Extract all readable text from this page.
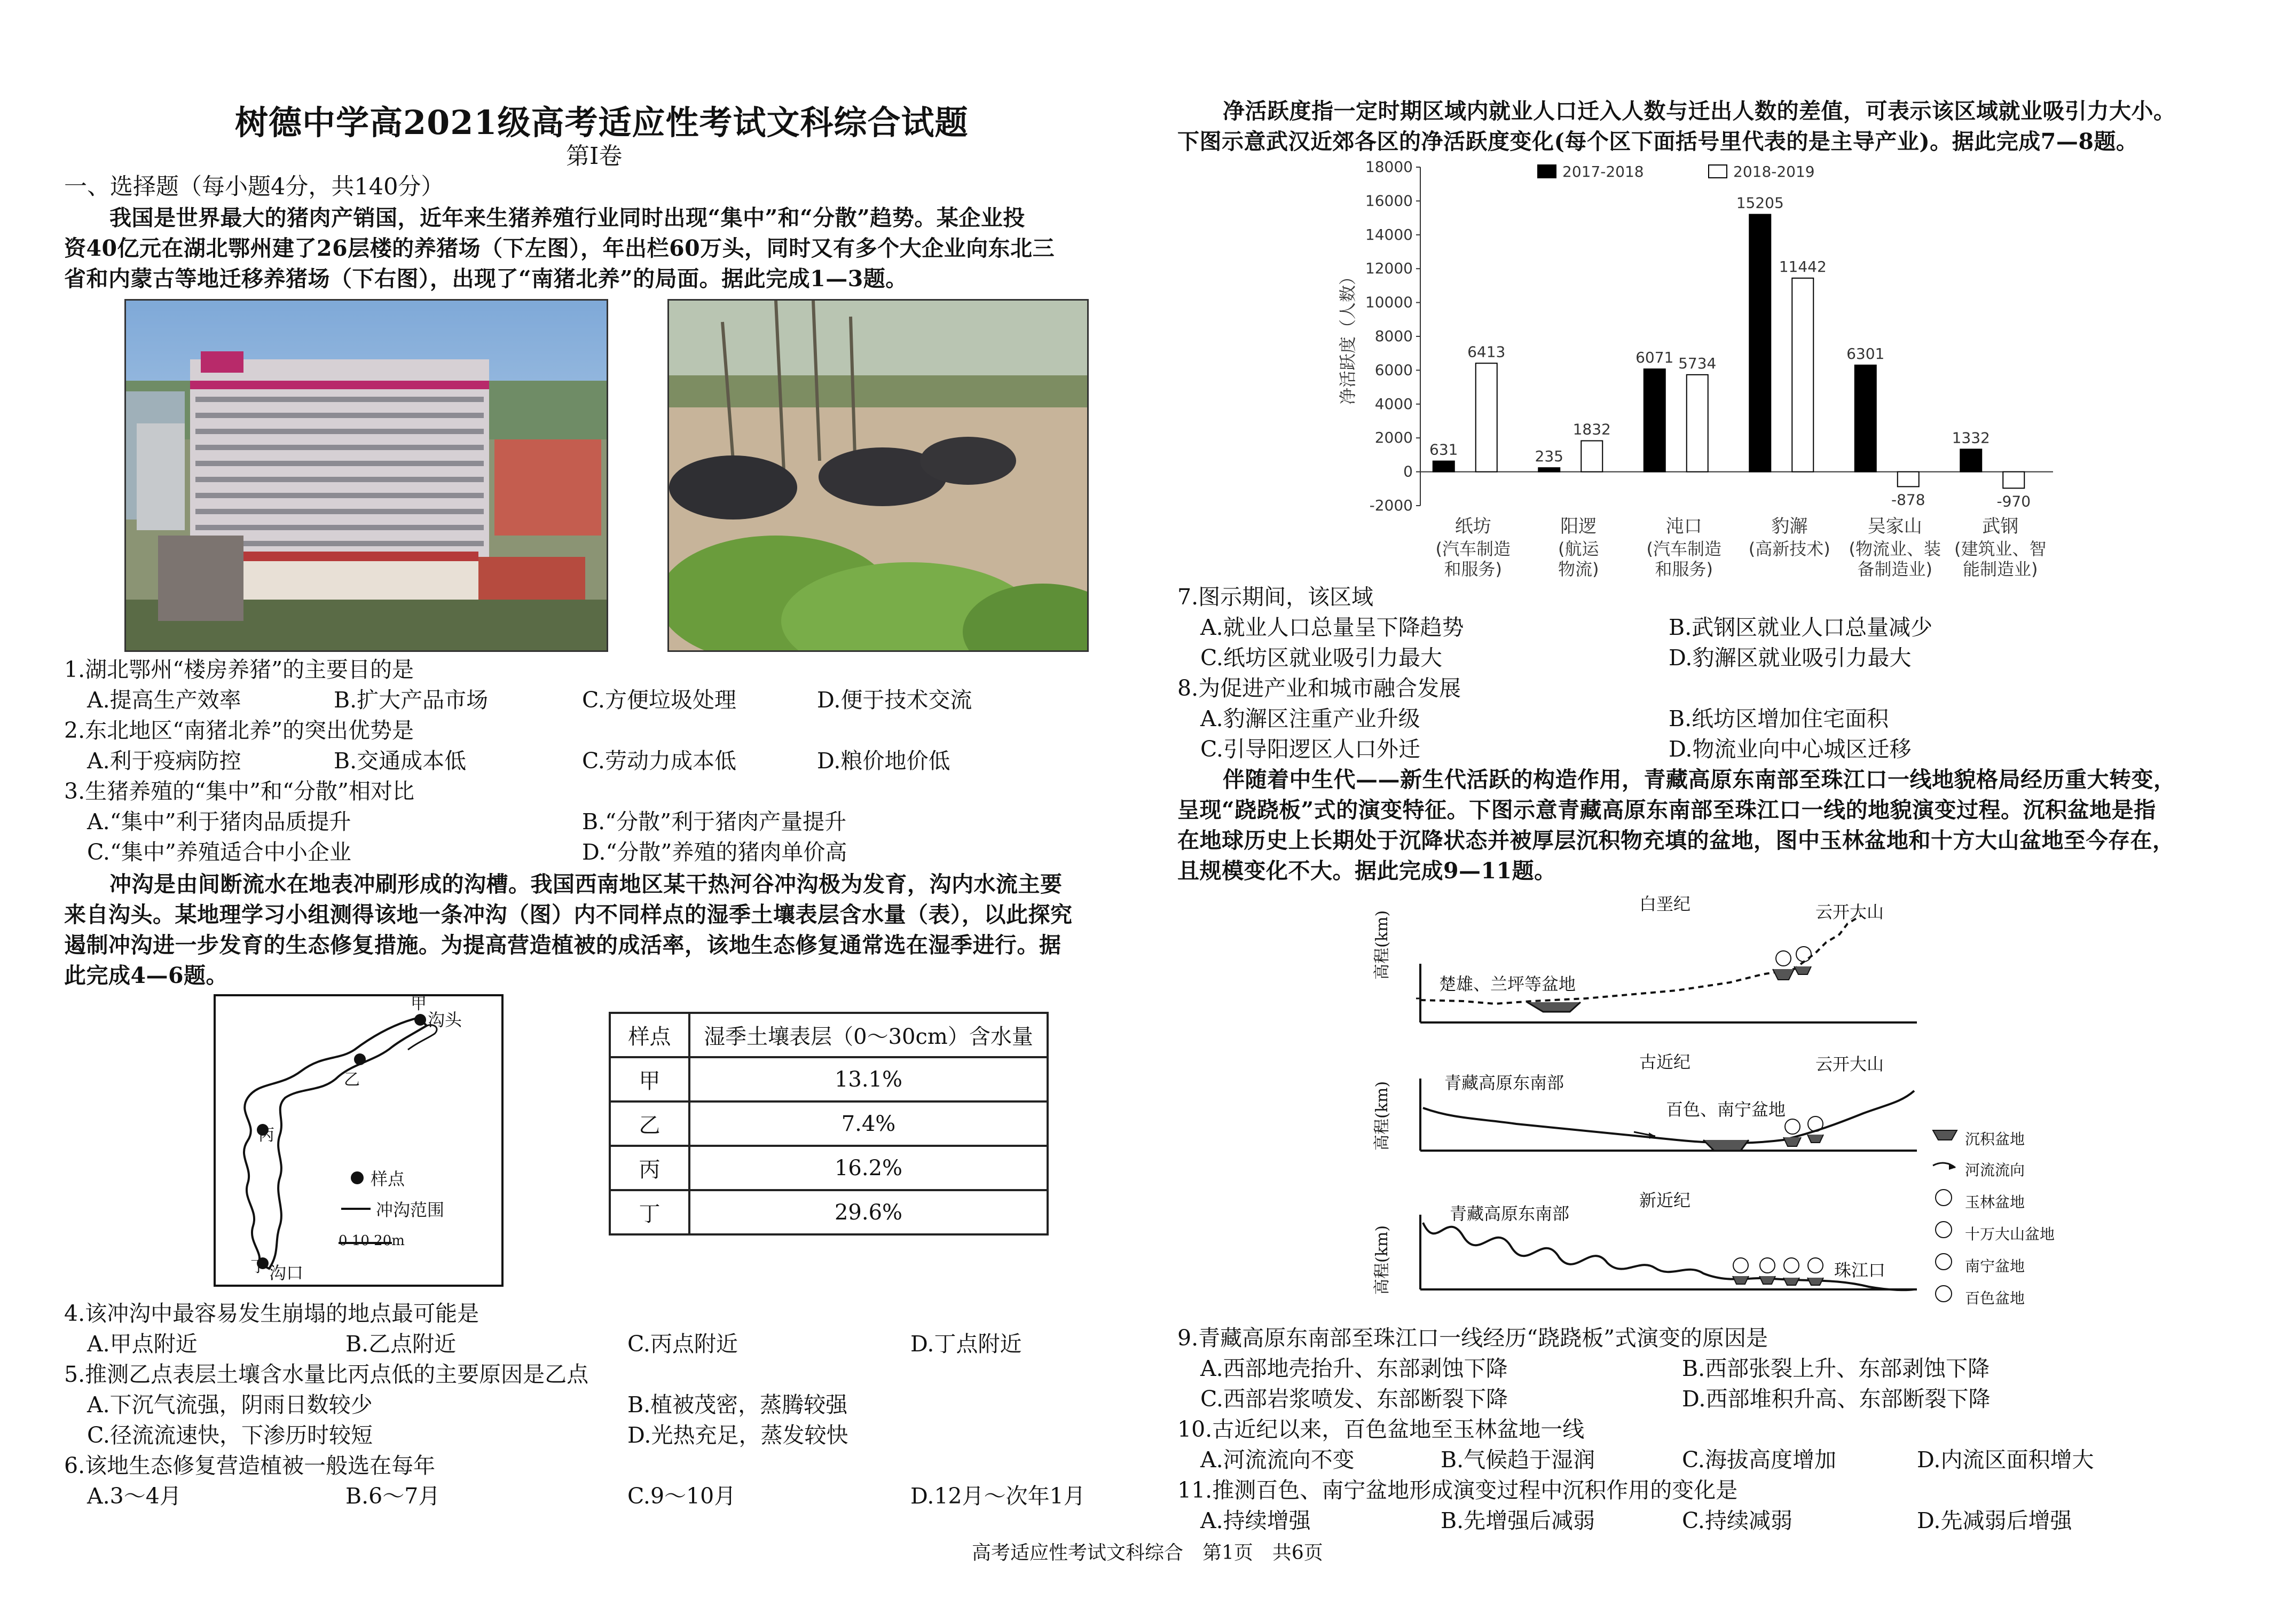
树德中学高2021级高考适应性考试文科综合试题
第Ⅰ卷
一、选择题（每小题4分，共140分）
我国是世界最大的猪肉产销国，近年来生猪养殖行业同时出现“集中”和“分散”趋势。某企业投
资40亿元在湖北鄂州建了26层楼的养猪场（下左图），年出栏60万头，同时又有多个大企业向东北三
省和内蒙古等地迁移养猪场（下右图），出现了“南猪北养”的局面。据此完成1—3题。
1.湖北鄂州“楼房养猪”的主要目的是
A.提高生产效率	B.扩大产品市场	C.方便垃圾处理	D.便于技术交流
2.东北地区“南猪北养”的突出优势是
A.利于疫病防控	B.交通成本低	C.劳动力成本低	D.粮价地价低
3.生猪养殖的“集中”和“分散”相对比
A.“集中”利于猪肉品质提升	B.“分散”利于猪肉产量提升
C.“集中”养殖适合中小企业	D.“分散”养殖的猪肉单价高
冲沟是由间断流水在地表冲刷形成的沟槽。我国西南地区某干热河谷冲沟极为发育，沟内水流主要
来自沟头。某地理学习小组测得该地一条冲沟（图）内不同样点的湿季土壤表层含水量（表），以此探究
遏制冲沟进一步发育的生态修复措施。为提高营造植被的成活率，该地生态修复通常选在湿季进行。据
此完成4—6题。
甲
沟头
乙
丙
样点
冲沟范围
0 10 20m
丁 沟口
样点	湿季土壤表层（0～30cm）含水量
甲	13.1%
乙	7.4%
丙	16.2%
丁	29.6%
4.该冲沟中最容易发生崩塌的地点最可能是
A.甲点附近	B.乙点附近	C.丙点附近	D.丁点附近
5.推测乙点表层土壤含水量比丙点低的主要原因是乙点
A.下沉气流强，阴雨日数较少	B.植被茂密，蒸腾较强
C.径流流速快，下渗历时较短	D.光热充足，蒸发较快
6.该地生态修复营造植被一般选在每年
A.3～4月	B.6～7月	C.9～10月	D.12月～次年1月
净活跃度指一定时期区域内就业人口迁入人数与迁出人数的差值，可表示该区域就业吸引力大小。
下图示意武汉近郊各区的净活跃度变化(每个区下面括号里代表的是主导产业)。据此完成7—8题。
18000
16000
14000
12000
10000
8000
6000
4000
2000
0
-2000
净活跃度（人数）
2017-2018	2018-2019
631
6413
纸坊
(汽车制造
和服务)
235
1832
阳逻
(航运
物流)
6071 5734
沌口
(汽车制造
和服务)
15205
11442
豹澥
(高新技术)
6301
-878
吴家山
(物流业、装
备制造业)
1332
-970
武钢
(建筑业、智
能制造业)
7.图示期间，该区域
A.就业人口总量呈下降趋势	B.武钢区就业人口总量减少
C.纸坊区就业吸引力最大	D.豹澥区就业吸引力最大
8.为促进产业和城市融合发展
A.豹澥区注重产业升级	B.纸坊区增加住宅面积
C.引导阳逻区人口外迁	D.物流业向中心城区迁移
伴随着中生代——新生代活跃的构造作用，青藏高原东南部至珠江口一线地貌格局经历重大转变，
呈现“跷跷板”式的演变特征。下图示意青藏高原东南部至珠江口一线的地貌演变过程。沉积盆地是指
在地球历史上长期处于沉降状态并被厚层沉积物充填的盆地，图中玉林盆地和十方大山盆地至今存在，
且规模变化不大。据此完成9—11题。
白垩纪
古近纪
新近纪
高程(km)
高程(km)
高程(km)
楚雄、兰坪等盆地
云开大山
青藏高原东南部
百色、南宁盆地
云开大山
青藏高原东南部
珠江口
沉积盆地
河流流向
玉林盆地
十万大山盆地
南宁盆地
百色盆地
9.青藏高原东南部至珠江口一线经历“跷跷板”式演变的原因是
A.西部地壳抬升、东部剥蚀下降	B.西部张裂上升、东部剥蚀下降
C.西部岩浆喷发、东部断裂下降	D.西部堆积升高、东部断裂下降
10.古近纪以来，百色盆地至玉林盆地一线
A.河流流向不变	B.气候趋于湿润	C.海拔高度增加	D.内流区面积增大
11.推测百色、南宁盆地形成演变过程中沉积作用的变化是
A.持续增强	B.先增强后减弱	C.持续减弱	D.先减弱后增强
高考适应性考试文科综合　第1页　共6页
